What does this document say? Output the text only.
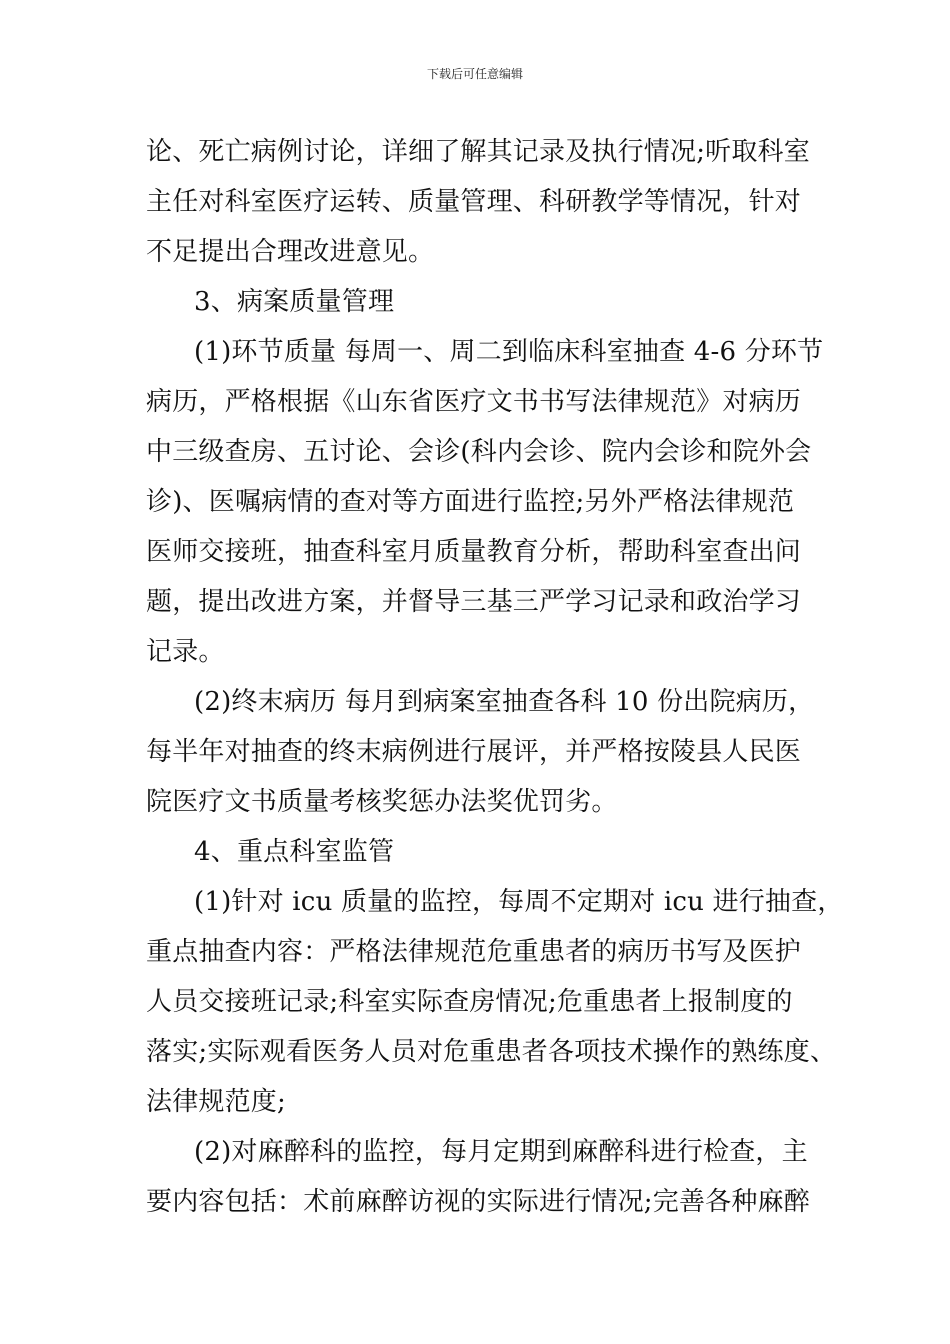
下载后可任意编辑
论、死亡病例讨论，详细了解其记录及执行情况;听取科室
主任对科室医疗运转、质量管理、科研教学等情况，针对
不足提出合理改进意见。
3、病案质量管理
(1)环节质量 每周一、周二到临床科室抽查 4-6 分环节
病历，严格根据《山东省医疗文书书写法律规范》对病历
中三级查房、五讨论、会诊(科内会诊、院内会诊和院外会
诊)、医嘱病情的查对等方面进行监控;另外严格法律规范
医师交接班，抽查科室月质量教育分析，帮助科室查出问
题，提出改进方案，并督导三基三严学习记录和政治学习
记录。
(2)终末病历 每月到病案室抽查各科 10 份出院病历，
每半年对抽查的终末病例进行展评，并严格按陵县人民医
院医疗文书质量考核奖惩办法奖优罚劣。
4、重点科室监管
(1)针对 icu 质量的监控，每周不定期对 icu 进行抽查，
重点抽查内容：严格法律规范危重患者的病历书写及医护
人员交接班记录;科室实际查房情况;危重患者上报制度的
落实;实际观看医务人员对危重患者各项技术操作的熟练度、
法律规范度;
(2)对麻醉科的监控，每月定期到麻醉科进行检查，主
要内容包括：术前麻醉访视的实际进行情况;完善各种麻醉
